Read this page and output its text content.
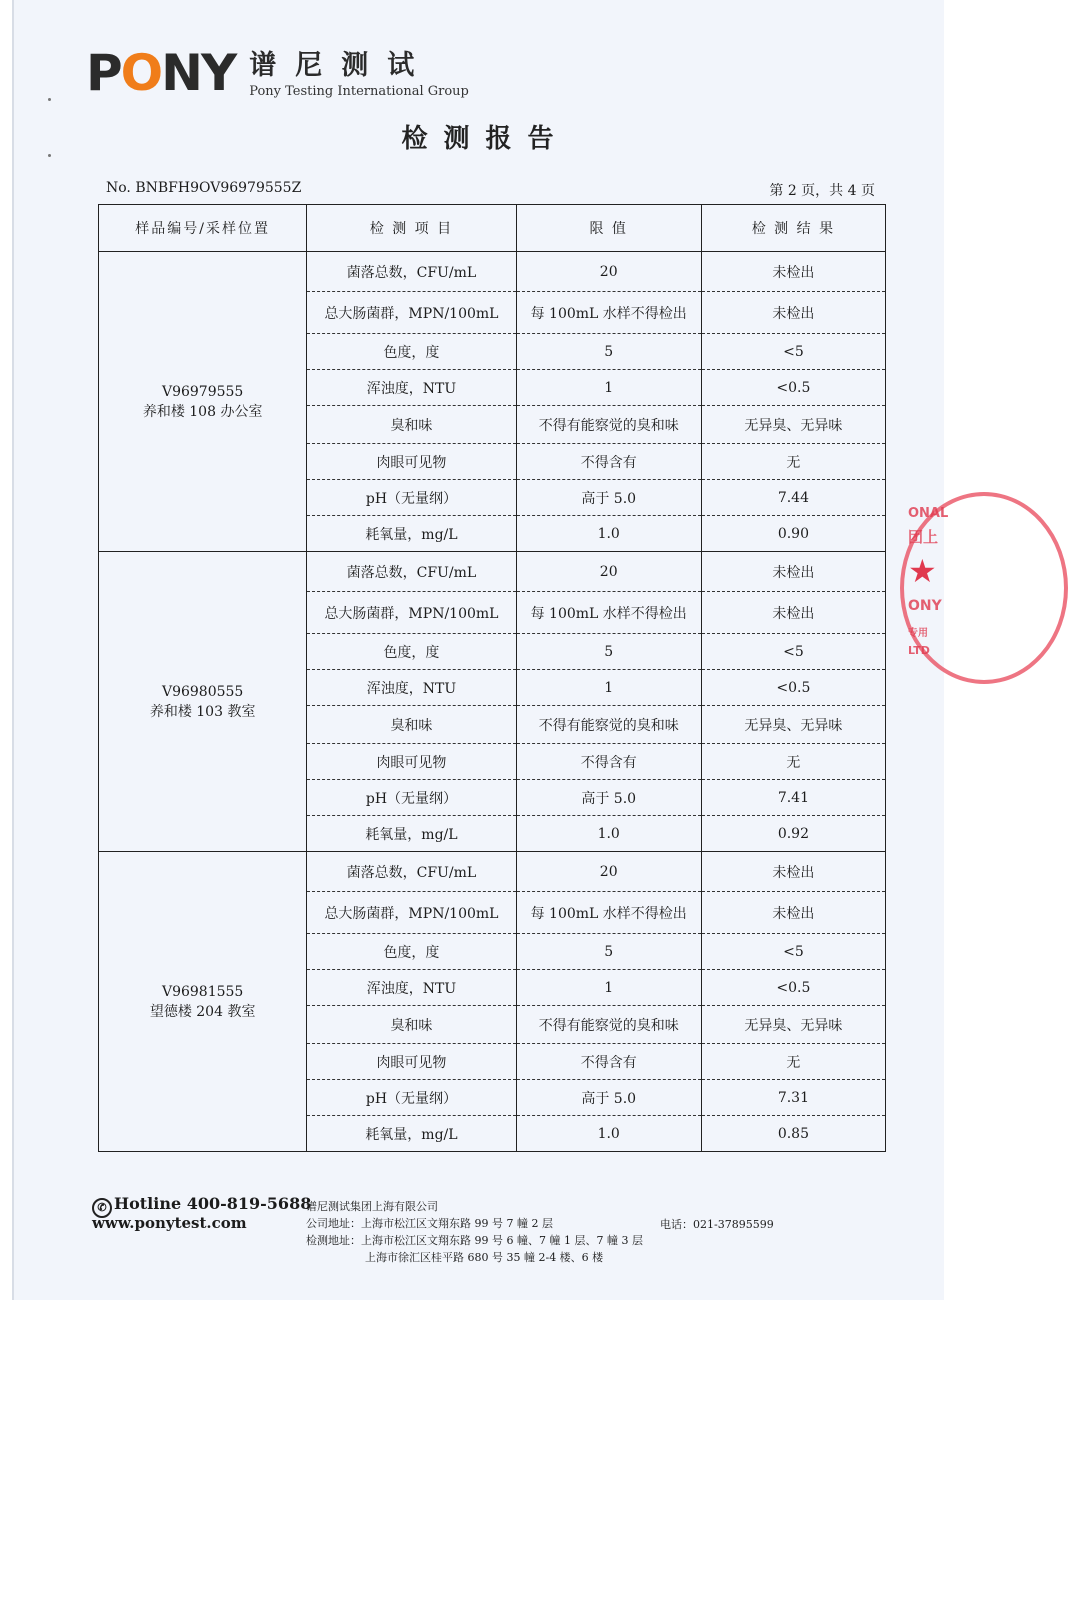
PONY 谱尼测试
Pony Testing International Group
检测报告
No. BNBFH9OV96979555Z	第 2 页，共 4 页
样品编号/采样位置	检 测 项 目	限 值	检 测 结 果

V96979555
养和楼 108 办公室	菌落总数，CFU/mL	20	未检出
	总大肠菌群，MPN/100mL	每 100mL 水样不得检出	未检出
	色度，度	5	<5
	浑浊度，NTU	1	<0.5
	臭和味	不得有能察觉的臭和味	无异臭、无异味
	肉眼可见物	不得含有	无
	pH（无量纲）	高于 5.0	7.44
	耗氧量，mg/L	1.0	0.90

V96980555
养和楼 103 教室	菌落总数，CFU/mL	20	未检出
	总大肠菌群，MPN/100mL	每 100mL 水样不得检出	未检出
	色度，度	5	<5
	浑浊度，NTU	1	<0.5
	臭和味	不得有能察觉的臭和味	无异臭、无异味
	肉眼可见物	不得含有	无
	pH（无量纲）	高于 5.0	7.41
	耗氧量，mg/L	1.0	0.92

V96981555
望德楼 204 教室	菌落总数，CFU/mL	20	未检出
	总大肠菌群，MPN/100mL	每 100mL 水样不得检出	未检出
	色度，度	5	<5
	浑浊度，NTU	1	<0.5
	臭和味	不得有能察觉的臭和味	无异臭、无异味
	肉眼可见物	不得含有	无
	pH（无量纲）	高于 5.0	7.31
	耗氧量，mg/L	1.0	0.85
✆ Hotline 400-819-5688
www.ponytest.com
谱尼测试集团上海有限公司
公司地址：上海市松江区文翔东路 99 号 7 幢 2 层
检测地址：上海市松江区文翔东路 99 号 6 幢、7 幢 1 层、7 幢 3 层
上海市徐汇区桂平路 680 号 35 幢 2-4 楼、6 楼
电话：021-37895599
ONAL
团上
★
ONY
专用
LTD
